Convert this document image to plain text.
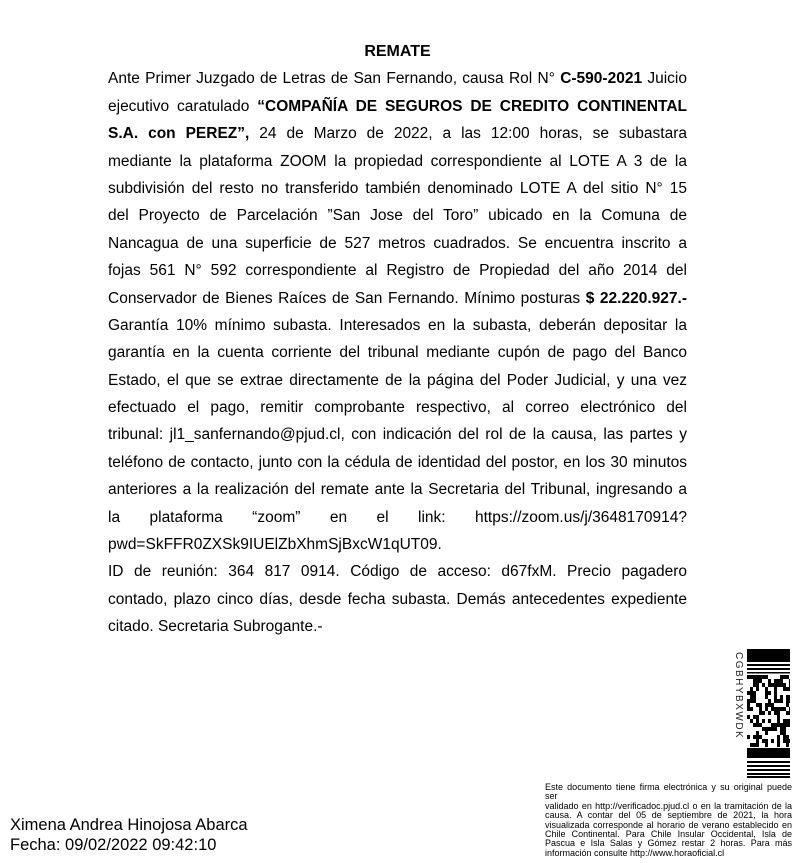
REMATE
Ante Primer Juzgado de Letras de San Fernando, causa Rol N° C-590-2021 Juicio
ejecutivo caratulado “COMPAÑÍA DE SEGUROS DE CREDITO CONTINENTAL
S.A. con PEREZ”, 24 de Marzo de 2022, a las 12:00 horas, se subastara
mediante la plataforma ZOOM la propiedad correspondiente al LOTE A 3 de la
subdivisión del resto no transferido también denominado LOTE A del sitio N° 15
del Proyecto de Parcelación ”San Jose del Toro” ubicado en la Comuna de
Nancagua de una superficie de 527 metros cuadrados. Se encuentra inscrito a
fojas 561 N° 592 correspondiente al Registro de Propiedad del año 2014 del
Conservador de Bienes Raíces de San Fernando. Mínimo posturas $ 22.220.927.-
Garantía 10% mínimo subasta. Interesados en la subasta, deberán depositar la
garantía en la cuenta corriente del tribunal mediante cupón de pago del Banco
Estado, el que se extrae directamente de la página del Poder Judicial, y una vez
efectuado el pago, remitir comprobante respectivo, al correo electrónico del
tribunal: jl1_sanfernando@pjud.cl, con indicación del rol de la causa, las partes y
teléfono de contacto, junto con la cédula de identidad del postor, en los 30 minutos
anteriores a la realización del remate ante la Secretaria del Tribunal, ingresando a
la plataforma “zoom” en el link: https://zoom.us/j/3648170914?
pwd=SkFFR0ZXSk9IUElZbXhmSjBxcW1qUT09.
ID de reunión: 364 817 0914. Código de acceso: d67fxM. Precio pagadero
contado, plazo cinco días, desde fecha subasta. Demás antecedentes expediente
citado. Secretaria Subrogante.-
CGBHYBXWDK
Este documento tiene firma electrónica y su original puede ser
validado en http://verificadoc.pjud.cl o en la tramitación de la
causa. A contar del 05 de septiembre de 2021, la hora
visualizada corresponde al horario de verano establecido en
Chile Continental. Para Chile Insular Occidental, Isla de
Pascua e Isla Salas y Gómez restar 2 horas. Para más
información consulte http://www.horaoficial.cl
Ximena Andrea Hinojosa Abarca
Fecha: 09/02/2022 09:42:10
